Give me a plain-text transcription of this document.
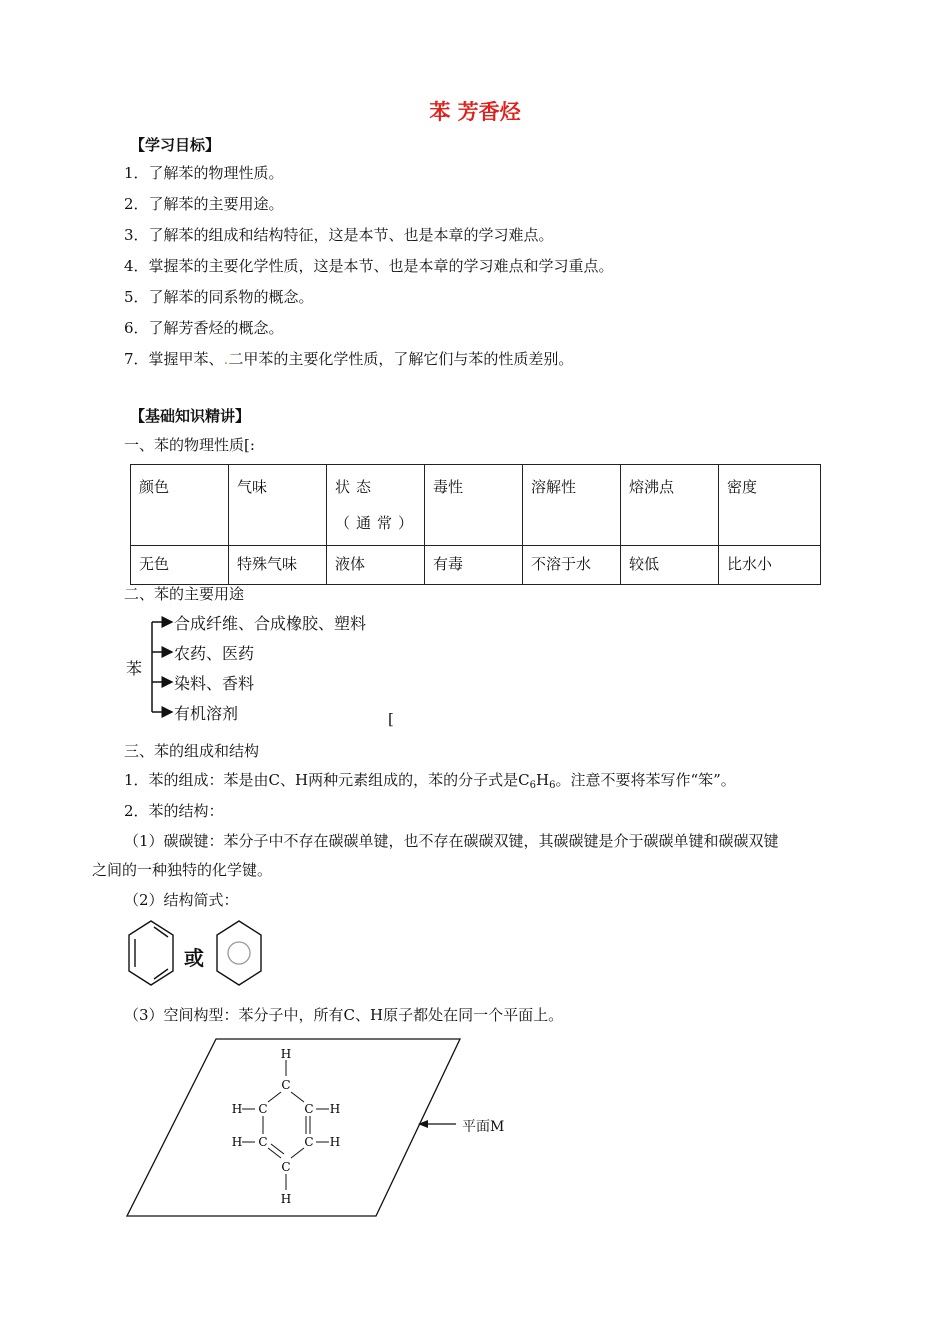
苯 芳香烃
【学习目标】
1．了解苯的物理性质。
2．了解苯的主要用途。
3．了解苯的组成和结构特征，这是本节、也是本章的学习难点。
4．掌握苯的主要化学性质，这是本节、也是本章的学习难点和学习重点。
5．了解苯的同系物的概念。
6．了解芳香烃的概念。
7．掌握甲苯、.二甲苯的主要化学性质，了解它们与苯的性质差别。
【基础知识精讲】
一、苯的物理性质[:
颜色	气味	状态（通常）	毒性	溶解性	熔沸点	密度
无色	特殊气味	液体	有毒	不溶于水	较低	比水小
二、苯的主要用途
苯
合成纤维、合成橡胶、塑料
农药、医药
染料、香料
有机溶剂	[
三、苯的组成和结构
1．苯的组成：苯是由C、H两种元素组成的，苯的分子式是$C_6H_6$。注意不要将苯写作“笨”。
2．苯的结构：
（1）碳碳键：苯分子中不存在碳碳单键，也不存在碳碳双键，其碳碳键是介于碳碳单键和碳碳双键
之间的一种独特的化学键。
（2）结构简式：
或
（3）空间构型：苯分子中，所有C、H原子都处在同一个平面上。
H
C
C	C
C	C
C
H
H
H
H
H
平面M
